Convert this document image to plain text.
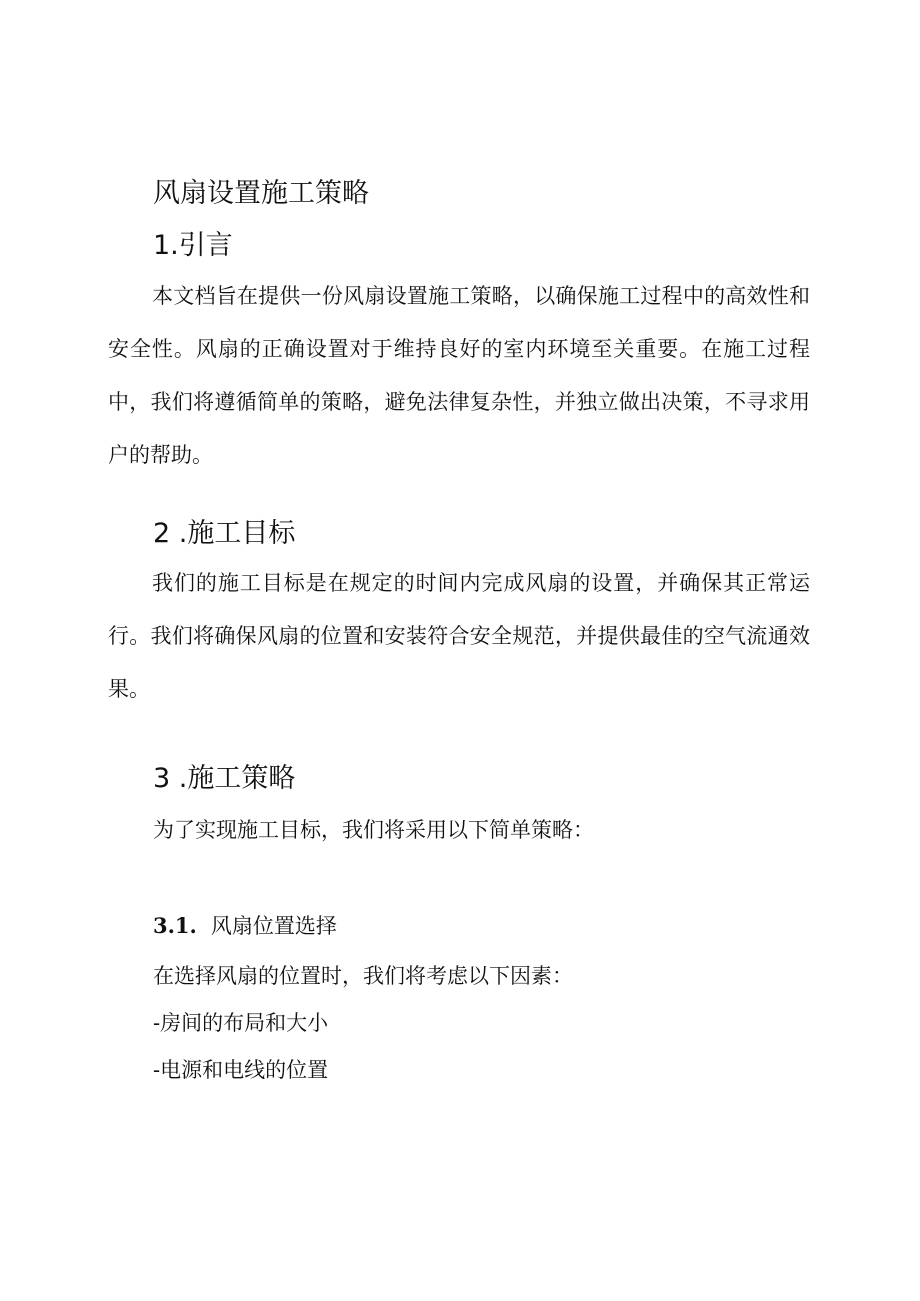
风扇设置施工策略
1.引言

本文档旨在提供一份风扇设置施工策略，以确保施工过程中的高效性和安全性。风扇的正确设置对于维持良好的室内环境至关重要。在施工过程中，我们将遵循简单的策略，避免法律复杂性，并独立做出决策，不寻求用户的帮助。

2 .施工目标

我们的施工目标是在规定的时间内完成风扇的设置，并确保其正常运行。我们将确保风扇的位置和安装符合安全规范，并提供最佳的空气流通效果。

3 .施工策略

为了实现施工目标，我们将采用以下简单策略：

3.1. 风扇位置选择

在选择风扇的位置时，我们将考虑以下因素：

-房间的布局和大小

-电源和电线的位置
